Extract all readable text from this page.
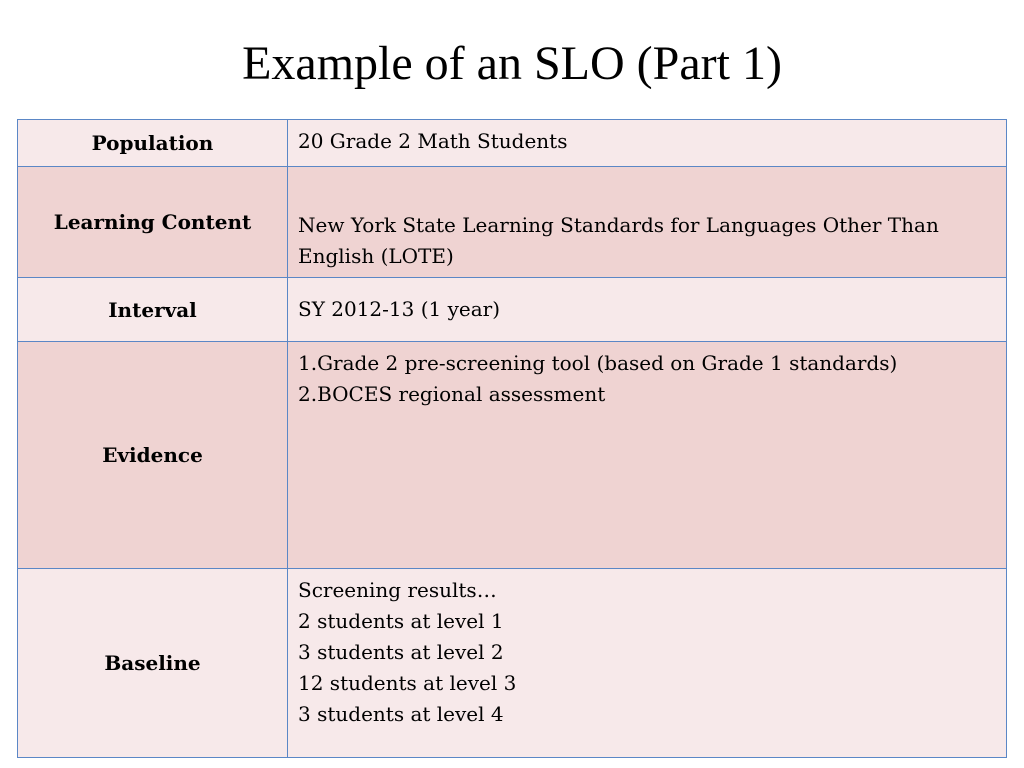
Example of an SLO (Part 1)
Population	20 Grade 2 Math Students

Learning Content	New York State Learning Standards for Languages Other Than English (LOTE)

Interval	SY 2012-13 (1 year)

Evidence	1.Grade 2 pre-screening tool (based on Grade 1 standards)
2.BOCES regional assessment

Baseline	Screening results…
2 students at level 1
3 students at level 2
12 students at level 3
3 students at level 4
